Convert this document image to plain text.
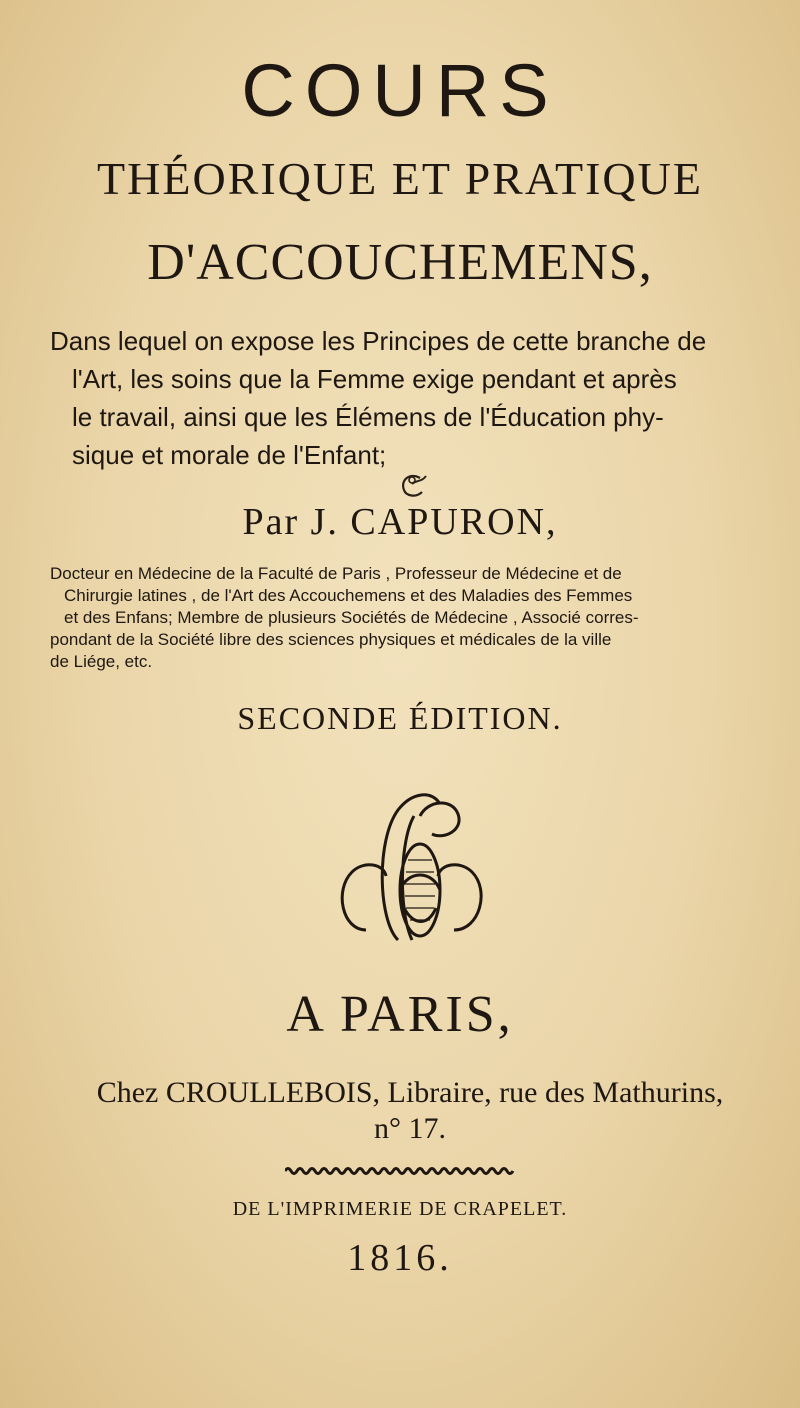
COURS
THÉORIQUE ET PRATIQUE
D'ACCOUCHEMENS,
Dans lequel on expose les Principes de cette branche de
l'Art, les soins que la Femme exige pendant et après le travail, ainsi que les Élémens de l'Éducation phy- sique et morale de l'Enfant;
Par J. CAPURON,
Docteur en Médecine de la Faculté de Paris , Professeur de Médecine et de
Chirurgie latines , de l'Art des Accouchemens et des Maladies des Femmes
et des Enfans; Membre de plusieurs Sociétés de Médecine , Associé corres-
pondant de la Société libre des sciences physiques et médicales de la ville
de Liége, etc.
SECONDE ÉDITION.
A PARIS,
Chez CROULLEBOIS, Libraire, rue des Mathurins,
n° 17.
DE L'IMPRIMERIE DE CRAPELET.
1816.
